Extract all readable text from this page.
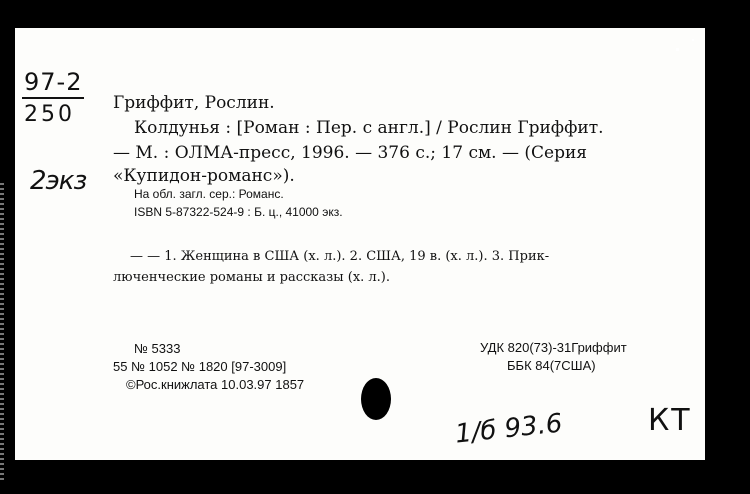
97-2
250
2экз
Гриффит, Рослин.
Колдунья : [Роман : Пер. с англ.] / Рослин Гриффит.
— М. : ОЛМА-пресс, 1996. — 376 с.; 17 см. — (Серия
«Купидон-романс»).
На обл. загл. сер.: Романс.
ISBN 5-87322-524-9 : Б. ц., 41000 экз.
— — 1. Женщина в США (х. л.). 2. США, 19 в. (х. л.). 3. Прик-
люченческие романы и рассказы (х. л.).
№ 5333
55 № 1052 № 1820 [97-3009]
©Рос.книжлата 10.03.97 1857
УДК 820(73)-31Гриффит
ББК 84(7США)
1/б 93.6	КТ
